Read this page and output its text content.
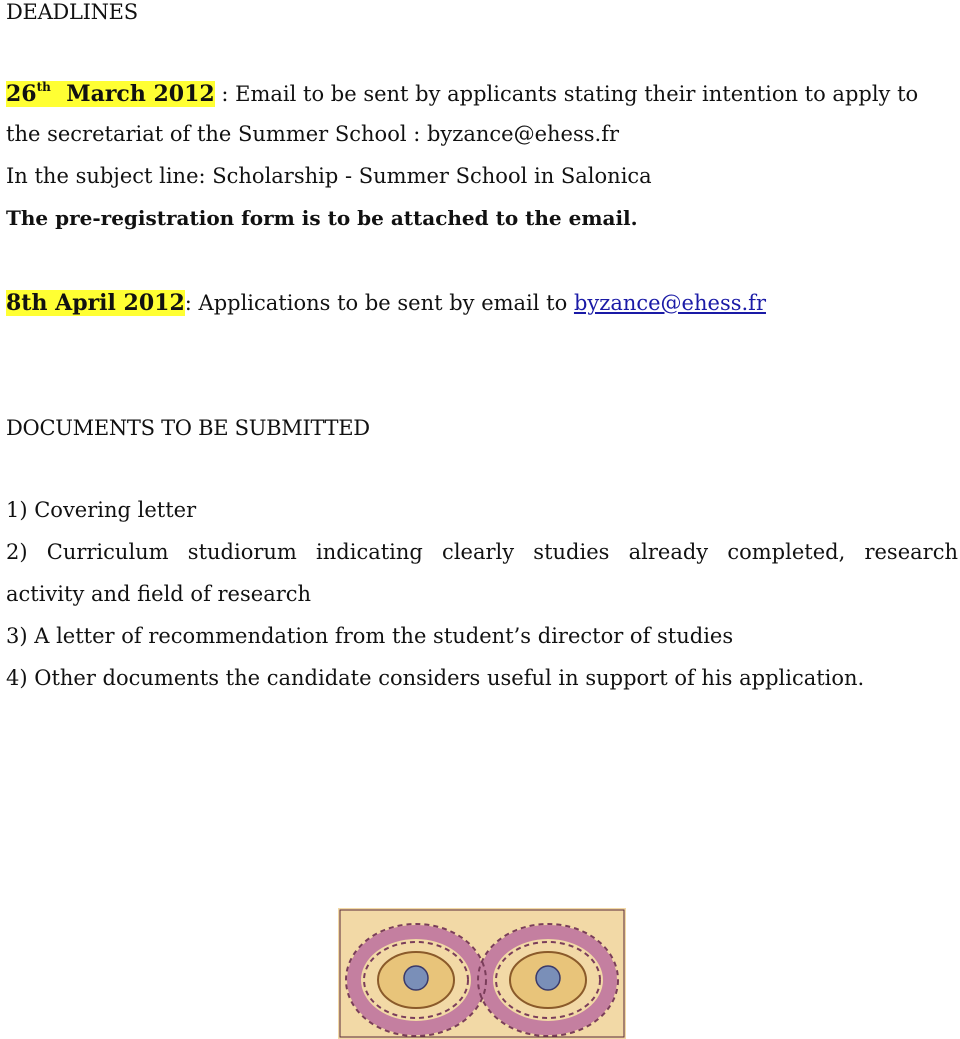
DEADLINES
26th March 2012 : Email to be sent by applicants stating their intention to apply to
the secretariat of the Summer School : byzance@ehess.fr
In the subject line: Scholarship - Summer School in Salonica
The pre-registration form is to be attached to the email.
8th April 2012: Applications to be sent by email to byzance@ehess.fr
DOCUMENTS TO BE SUBMITTED
1) Covering letter
2) Curriculum studiorum indicating clearly studies already completed, research
activity and field of research
3) A letter of recommendation from the student’s director of studies
4) Other documents the candidate considers useful in support of his application.
